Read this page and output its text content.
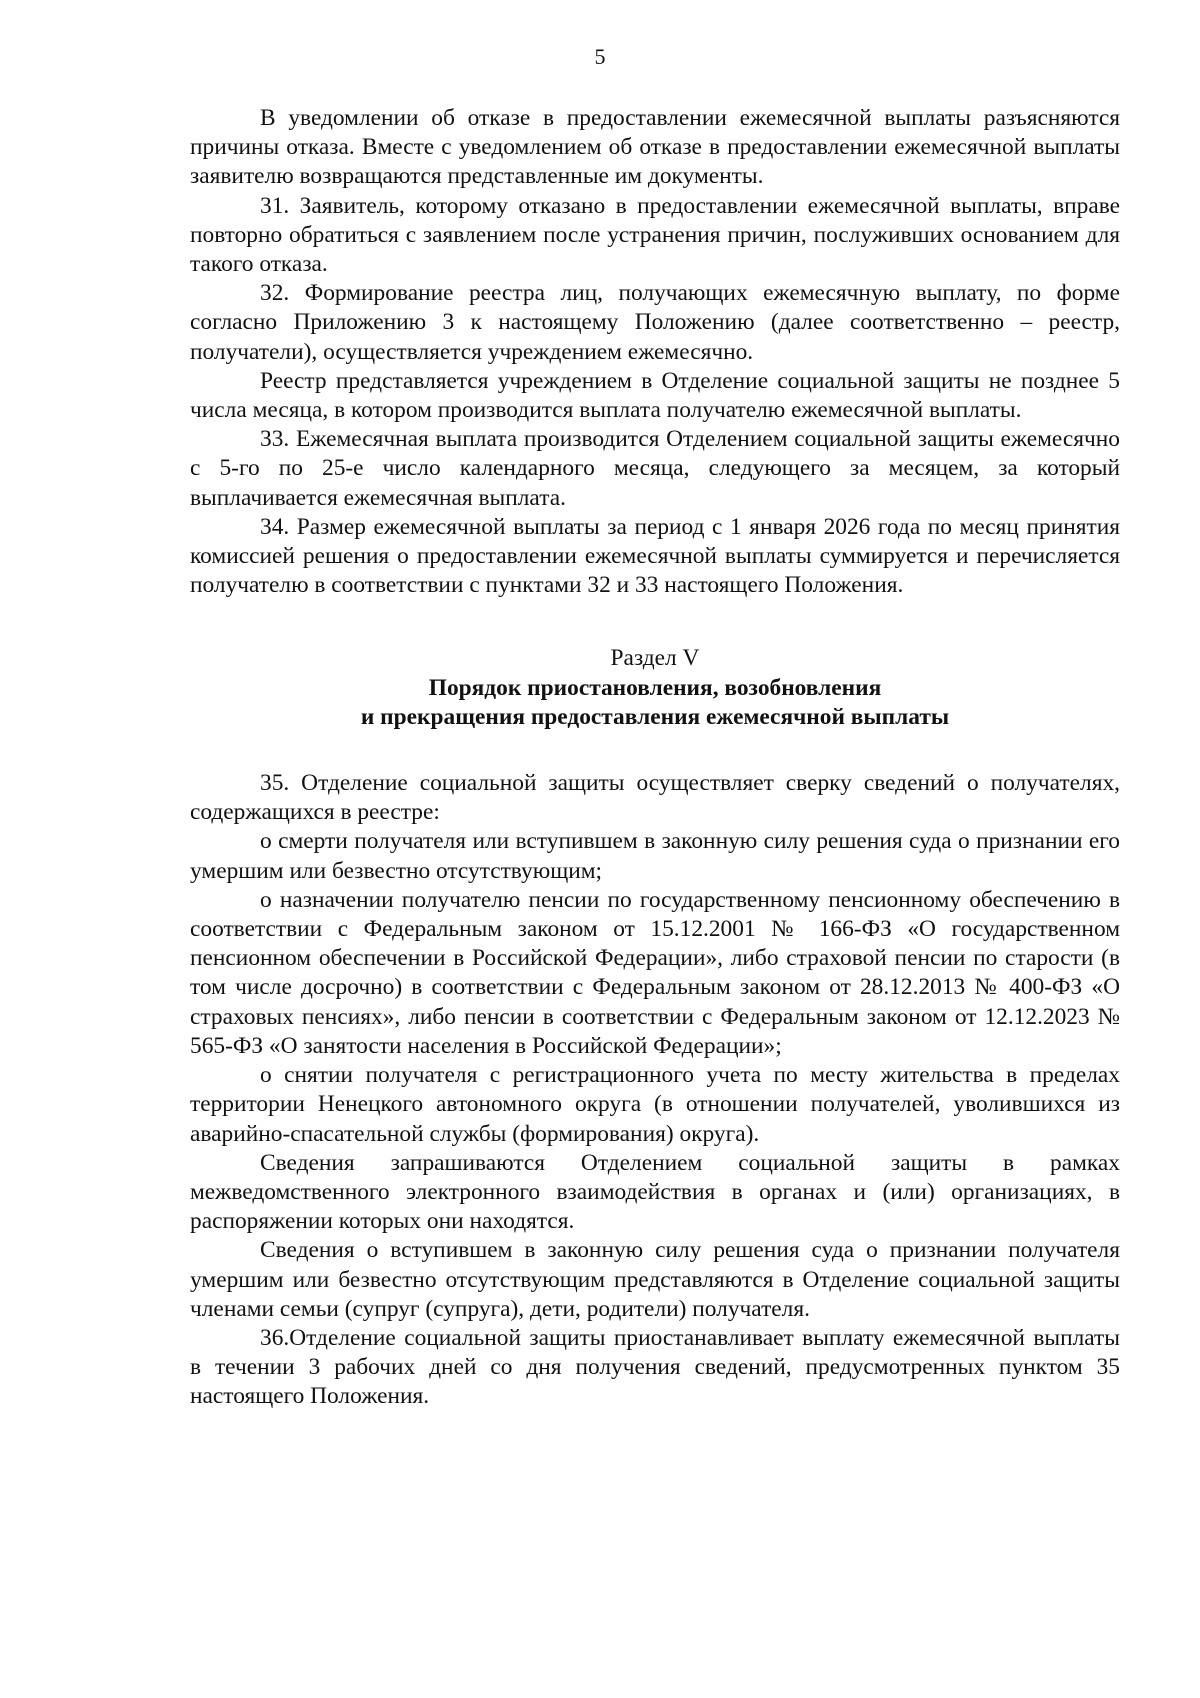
5

В уведомлении об отказе в предоставлении ежемесячной выплаты разъясняются причины отказа. Вместе с уведомлением об отказе в предоставлении ежемесячной выплаты заявителю возвращаются представленные им документы.

31. Заявитель, которому отказано в предоставлении ежемесячной выплаты, вправе повторно обратиться с заявлением после устранения причин, послуживших основанием для такого отказа.

32. Формирование реестра лиц, получающих ежемесячную выплату, по форме согласно Приложению 3 к настоящему Положению (далее соответственно – реестр, получатели), осуществляется учреждением ежемесячно.

Реестр представляется учреждением в Отделение социальной защиты не позднее 5 числа месяца, в котором производится выплата получателю ежемесячной выплаты.

33. Ежемесячная выплата производится Отделением социальной защиты ежемесячно с 5-го по 25-е число календарного месяца, следующего за месяцем, за который выплачивается ежемесячная выплата.

34. Размер ежемесячной выплаты за период с 1 января 2026 года по месяц принятия комиссией решения о предоставлении ежемесячной выплаты суммируется и перечисляется получателю в соответствии с пунктами 32 и 33 настоящего Положения.

Раздел V
Порядок приостановления, возобновления
и прекращения предоставления ежемесячной выплаты

35. Отделение социальной защиты осуществляет сверку сведений о получателях, содержащихся в реестре:

о смерти получателя или вступившем в законную силу решения суда о признании его умершим или безвестно отсутствующим;

о назначении получателю пенсии по государственному пенсионному обеспечению в соответствии с Федеральным законом от 15.12.2001 № 166-ФЗ «О государственном пенсионном обеспечении в Российской Федерации», либо страховой пенсии по старости (в том числе досрочно) в соответствии с Федеральным законом от 28.12.2013 № 400-ФЗ «О страховых пенсиях», либо пенсии в соответствии с Федеральным законом от 12.12.2023 № 565-ФЗ «О занятости населения в Российской Федерации»;

о снятии получателя с регистрационного учета по месту жительства в пределах территории Ненецкого автономного округа (в отношении получателей, уволившихся из аварийно-спасательной службы (формирования) округа).

Сведения запрашиваются Отделением социальной защиты в рамках межведомственного электронного взаимодействия в органах и (или) организациях, в распоряжении которых они находятся.

Сведения о вступившем в законную силу решения суда о признании получателя умершим или безвестно отсутствующим представляются в Отделение социальной защиты членами семьи (супруг (супруга), дети, родители) получателя.

36.Отделение социальной защиты приостанавливает выплату ежемесячной выплаты в течении 3 рабочих дней со дня получения сведений, предусмотренных пунктом 35 настоящего Положения.
